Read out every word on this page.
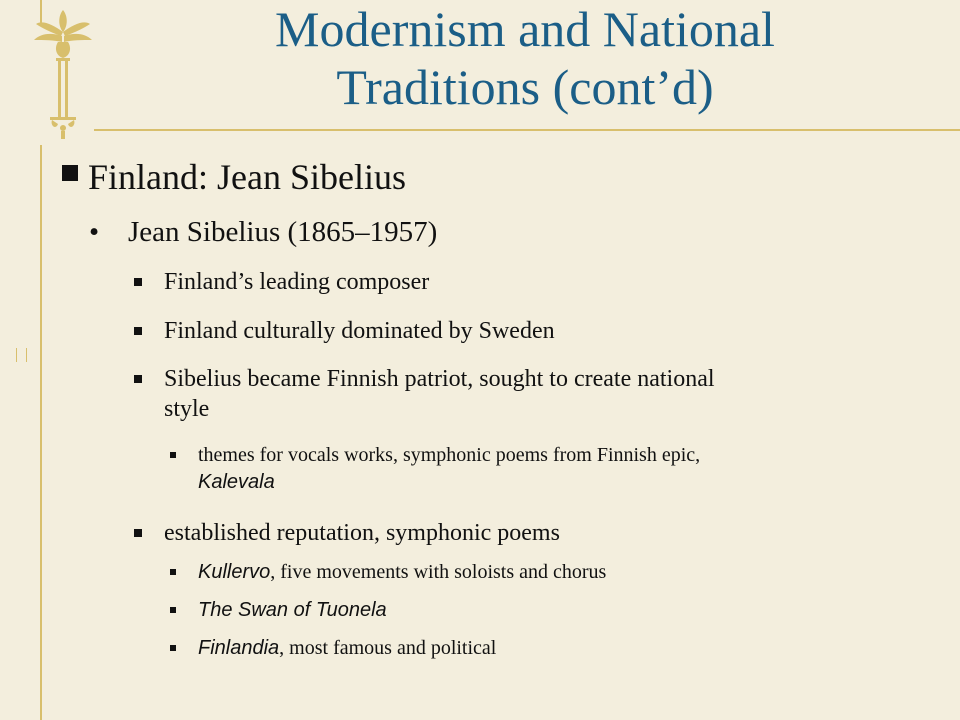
Modernism and National
Traditions (cont’d)
Finland: Jean Sibelius
• Jean Sibelius (1865–1957)
Finland’s leading composer
Finland culturally dominated by Sweden
Sibelius became Finnish patriot, sought to create national
style
themes for vocals works, symphonic poems from Finnish epic,
Kalevala
established reputation, symphonic poems
Kullervo, five movements with soloists and chorus
The Swan of Tuonela
Finlandia, most famous and political
